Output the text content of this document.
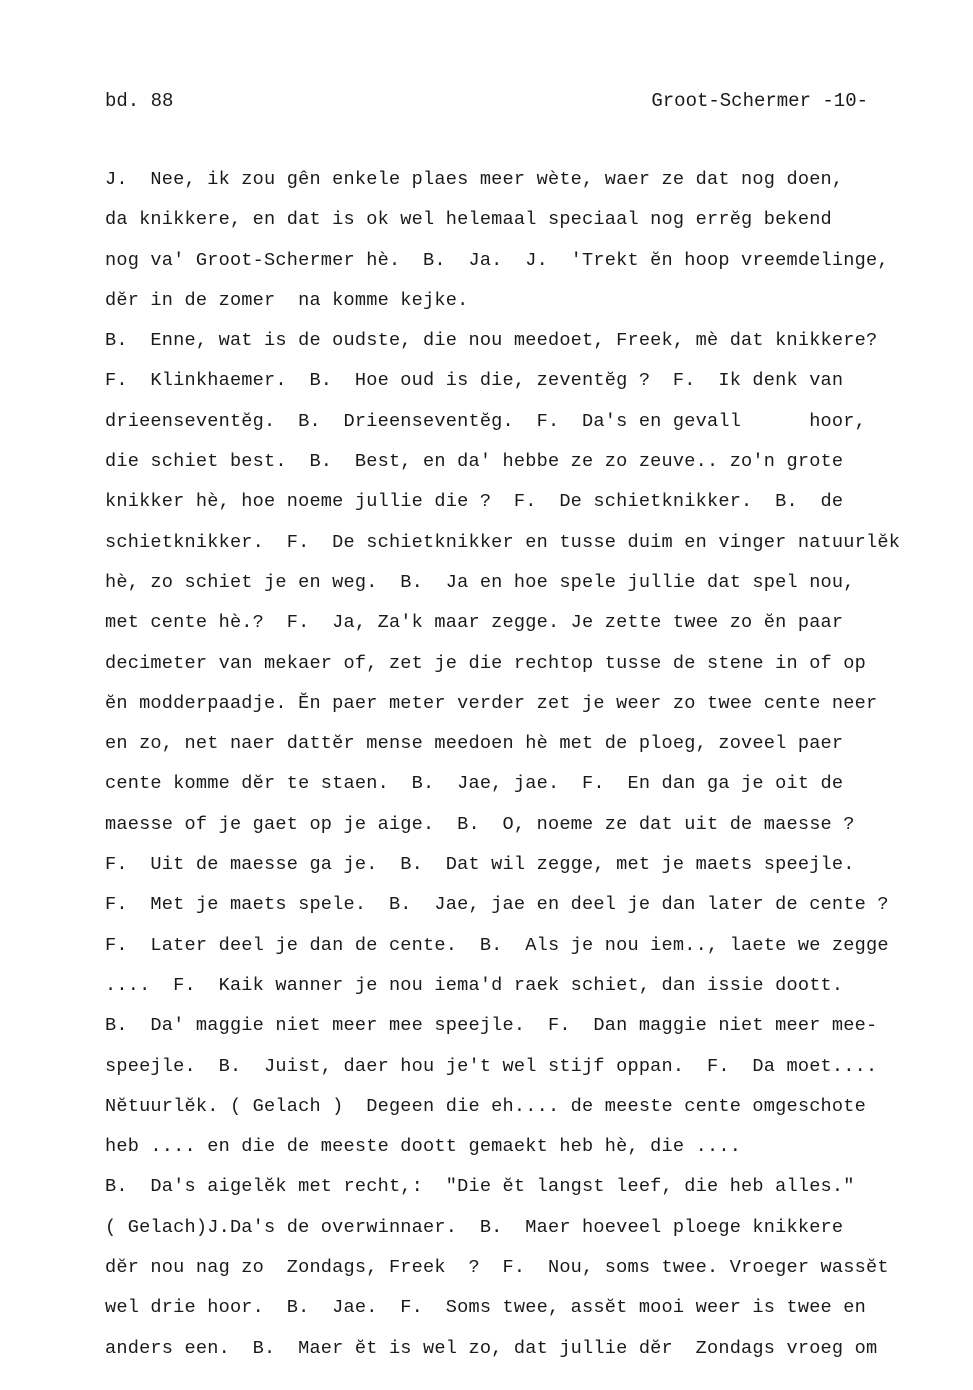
bd. 88	Groot-Schermer -10-
J.  Nee, ik zou gên enkele plaes meer wète, waer ze dat nog doen,
da knikkere, en dat is ok wel helemaal speciaal nog errĕg bekend
nog va' Groot-Schermer hè.  B.  Ja.  J.  'Trekt ĕn hoop vreemdelinge,
dĕr in de zomer  na komme kejke.
B.  Enne, wat is de oudste, die nou meedoet, Freek, mè dat knikkere?
F.  Klinkhaemer.  B.  Hoe oud is die, zeventĕg ?  F.  Ik denk van
drieenseventĕg.  B.  Drieenseventĕg.  F.  Da's en gevall      hoor,
die schiet best.  B.  Best, en da' hebbe ze zo zeuve.. zo'n grote
knikker hè, hoe noeme jullie die ?  F.  De schietknikker.  B.  de
schietknikker.  F.  De schietknikker en tusse duim en vinger natuurlĕk
hè, zo schiet je en weg.  B.  Ja en hoe spele jullie dat spel nou,
met cente hè.?  F.  Ja, Za'k maar zegge. Je zette twee zo ĕn paar
decimeter van mekaer of, zet je die rechtop tusse de stene in of op
ĕn modderpaadje. Ĕn paer meter verder zet je weer zo twee cente neer
en zo, net naer dattĕr mense meedoen hè met de ploeg, zoveel paer
cente komme dĕr te staen.  B.  Jae, jae.  F.  En dan ga je oit de
maesse of je gaet op je aige.  B.  O, noeme ze dat uit de maesse ?
F.  Uit de maesse ga je.  B.  Dat wil zegge, met je maets speejle.
F.  Met je maets spele.  B.  Jae, jae en deel je dan later de cente ?
F.  Later deel je dan de cente.  B.  Als je nou iem.., laete we zegge
....  F.  Kaik wanner je nou iema'd raek schiet, dan issie doott.
B.  Da' maggie niet meer mee speejle.  F.  Dan maggie niet meer mee-
speejle.  B.  Juist, daer hou je't wel stijf oppan.  F.  Da moet....
Nĕtuurlĕk. ( Gelach )  Degeen die eh.... de meeste cente omgeschote
heb .... en die de meeste doott gemaekt heb hè, die ....
B.  Da's aigelĕk met recht,:  "Die ĕt langst leef, die heb alles."
( Gelach)J.Da's de overwinnaer.  B.  Maer hoeveel ploege knikkere
dĕr nou nag zo  Zondags, Freek  ?  F.  Nou, soms twee. Vroeger wassĕt
wel drie hoor.  B.  Jae.  F.  Soms twee, assĕt mooi weer is twee en
anders een.  B.  Maer ĕt is wel zo, dat jullie dĕr  Zondags vroeg om
